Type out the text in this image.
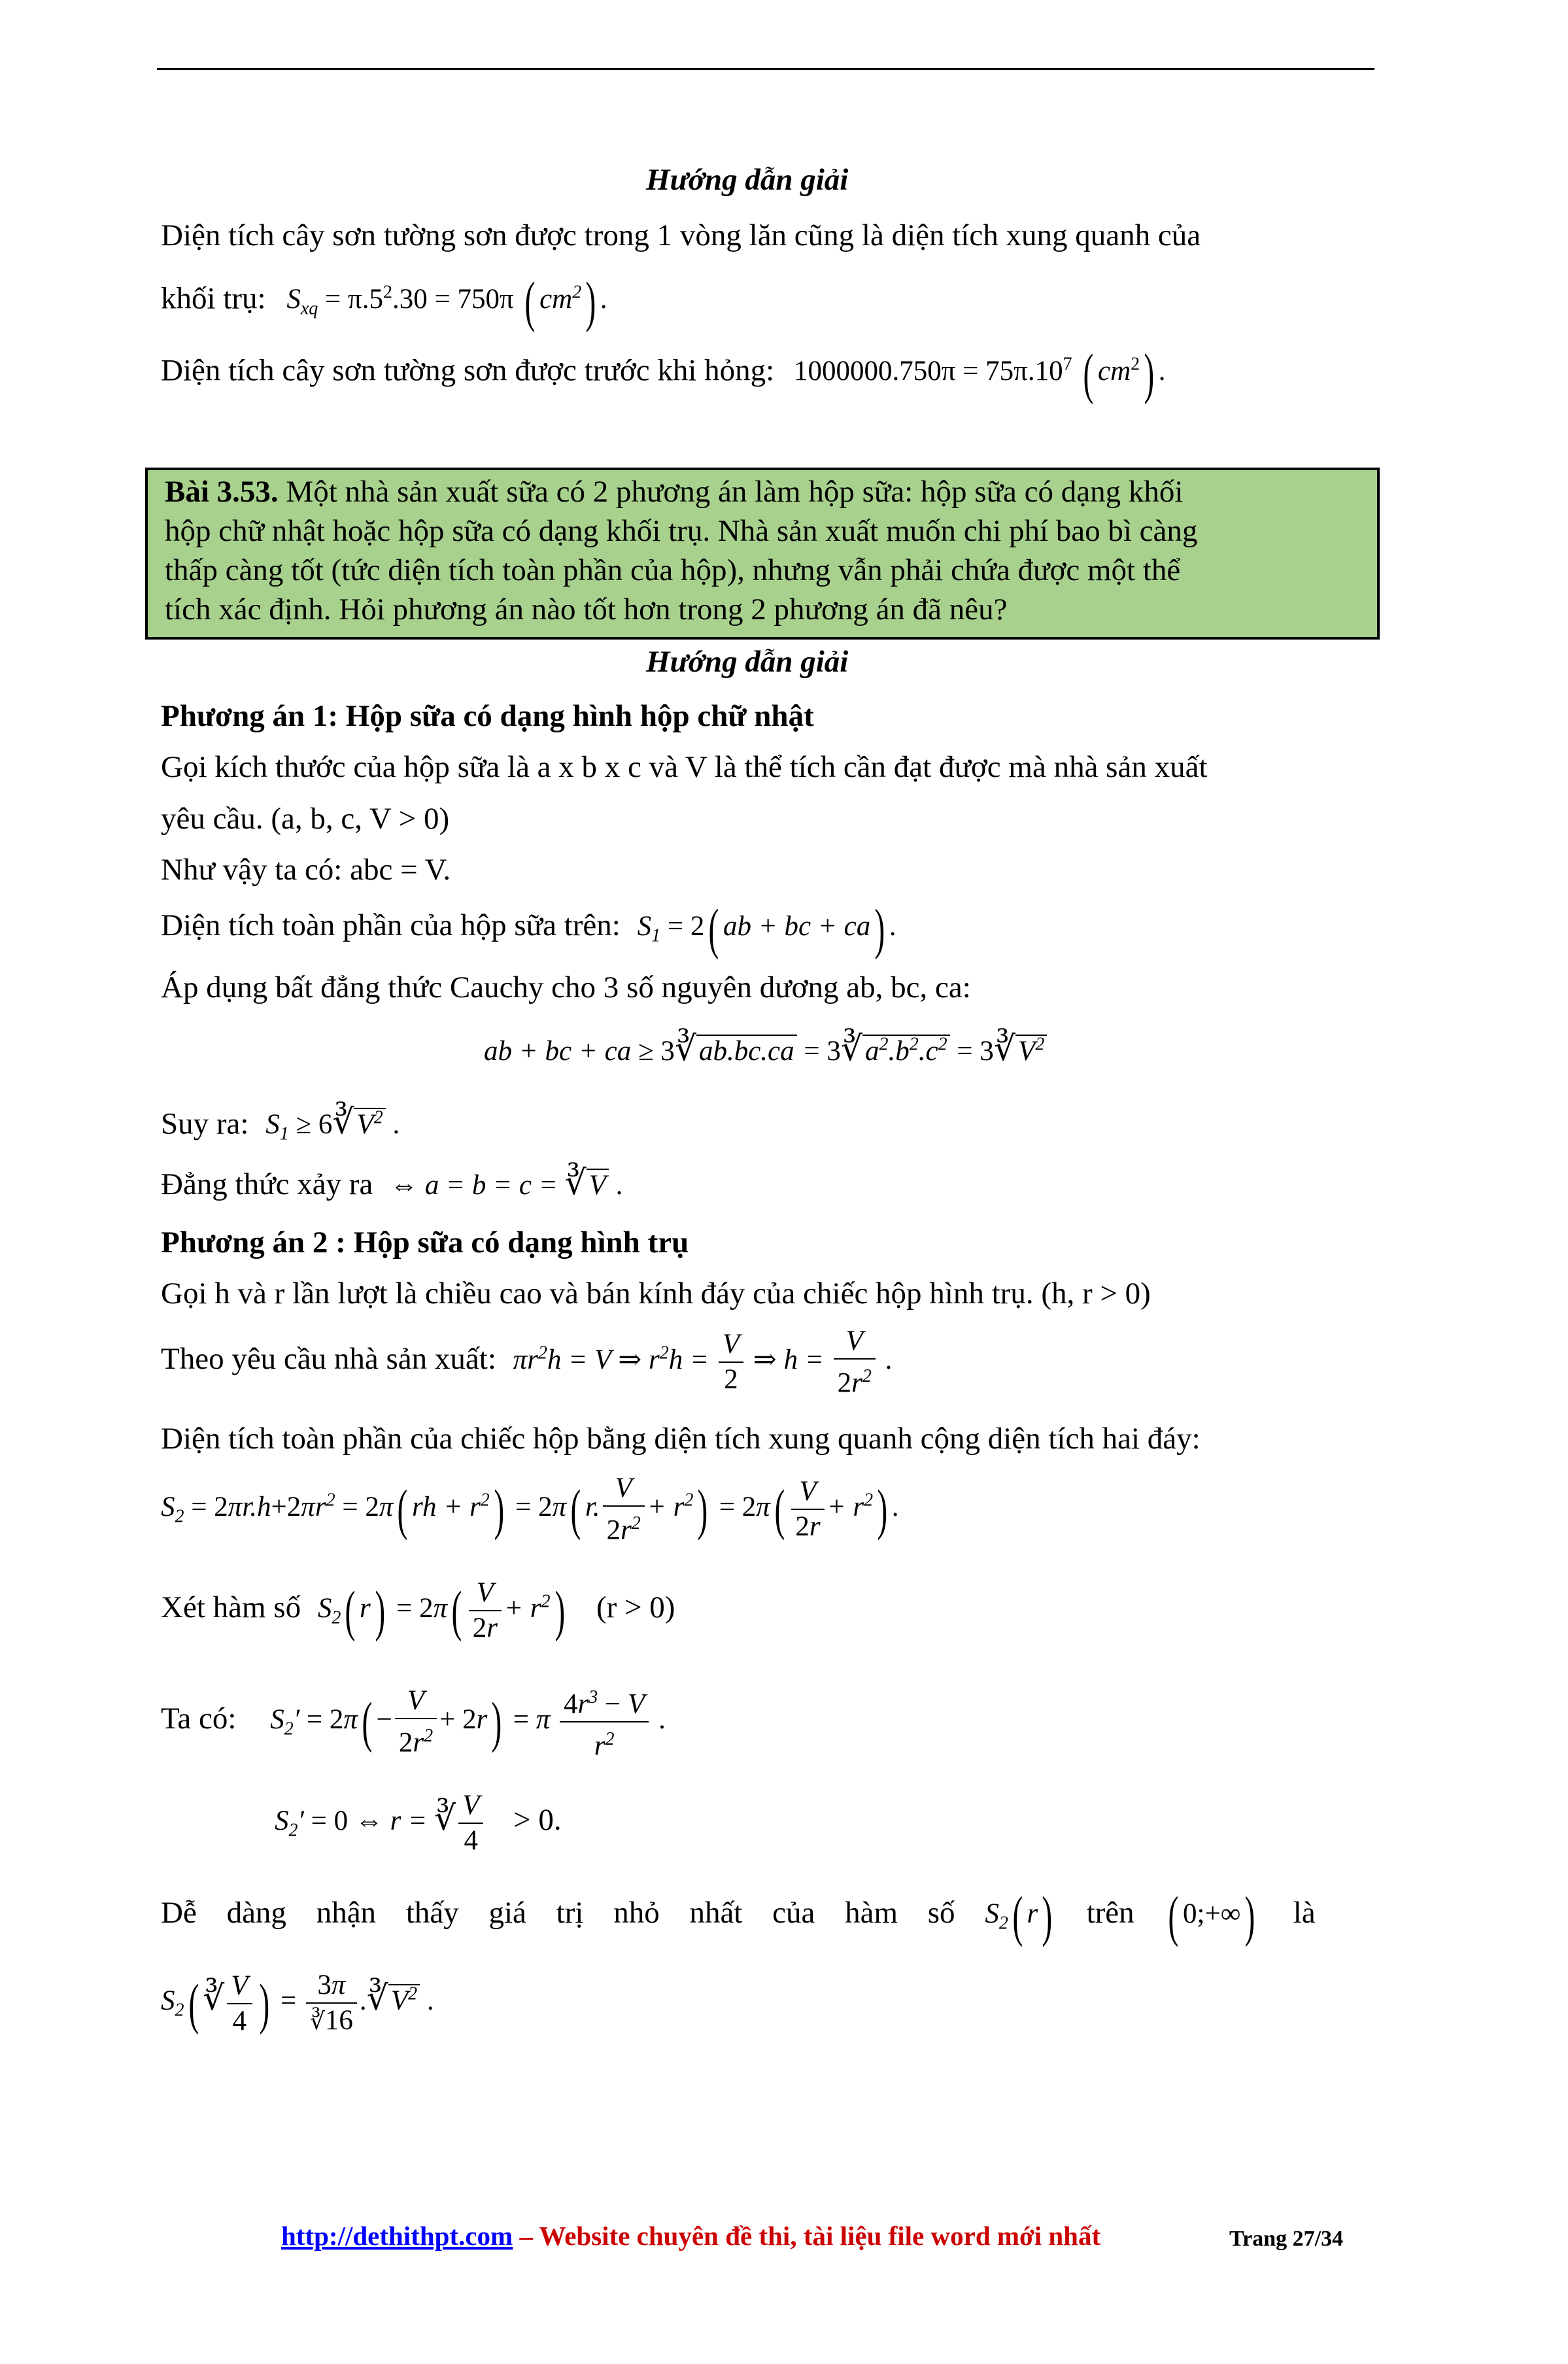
Hướng dẫn giải
Diện tích cây sơn tường sơn được trong 1 vòng lăn cũng là diện tích xung quanh của
khối trụ: $S_{xq} = \pi.5^2.30 = 750\pi$ ( $cm^2$) .
Diện tích cây sơn tường sơn được trước khi hỏng: $1000000.750\pi = 75\pi.10^7$ ( $cm^2$) .
Bài 3.53. Một nhà sản xuất sữa có 2 phương án làm hộp sữa: hộp sữa có dạng khối
hộp chữ nhật hoặc hộp sữa có dạng khối trụ. Nhà sản xuất muốn chi phí bao bì càng
thấp càng tốt (tức diện tích toàn phần của hộp), nhưng vẫn phải chứa được một thể
tích xác định. Hỏi phương án nào tốt hơn trong 2 phương án đã nêu?
Hướng dẫn giải
Phương án 1: Hộp sữa có dạng hình hộp chữ nhật
Gọi kích thước của hộp sữa là a x b x c và V là thể tích cần đạt được mà nhà sản xuất
yêu cầu. (a, b, c, V > 0)
Như vậy ta có: abc = V.
Diện tích toàn phần của hộp sữa trên: $S_1 = 2$( ab + bc + ca) .
Áp dụng bất đẳng thức Cauchy cho 3 số nguyên dương ab, bc, ca:
ab + bc + ca ≥ 3∛ab.bc.ca = $3∛a^2.b^2.c^2$ = $3∛V^2$
Suy ra: $S_1$ ≥ $6∛V^2$ .
Đẳng thức xảy ra ⇔ a = b = c = ∛V .
Phương án 2 : Hộp sữa có dạng hình trụ
Gọi h và r lần lượt là chiều cao và bán kính đáy của chiếc hộp hình trụ. (h, r > 0)
Theo yêu cầu nhà sản xuất: $\pi r^2h = V$ ⇒ $r^2h = \frac{V}{2}$ ⇒ $h = \frac{V}{2r^2}$ .
Diện tích toàn phần của chiếc hộp bằng diện tích xung quanh cộng diện tích hai đáy:
$S_2 = 2\pi r.h+2\pi r^2 = 2\pi$( rh + $r^2) = 2\pi$( r. $\frac{V}{2r^2} + r^2) = 2\pi( \frac{V}{2r} + r^2)$ .
Xét hàm số $S_2$( $r) = 2\pi( \frac{V}{2r} + r^2)$ (r > 0)
Ta có: $S_2' = 2\pi( - \frac{V}{2r^2} + 2r) = \pi \frac{4r^3 - V}{r^2}$ .
$S_2' = 0$ ⇔ r = ∛ $\frac{V}{4} > 0$.
Dễ dàng nhận thấy giá trị nhỏ nhất của hàm số $S_2$( r) trên ( 0;+∞) là
$S_2$( ∛ $\frac{V}{4}$ ) = $\frac{3\pi}{∛16}$ $.∛V^2$ .
http://dethithpt.com – Website chuyên đề thi, tài liệu file word mới nhất	Trang 27/34
